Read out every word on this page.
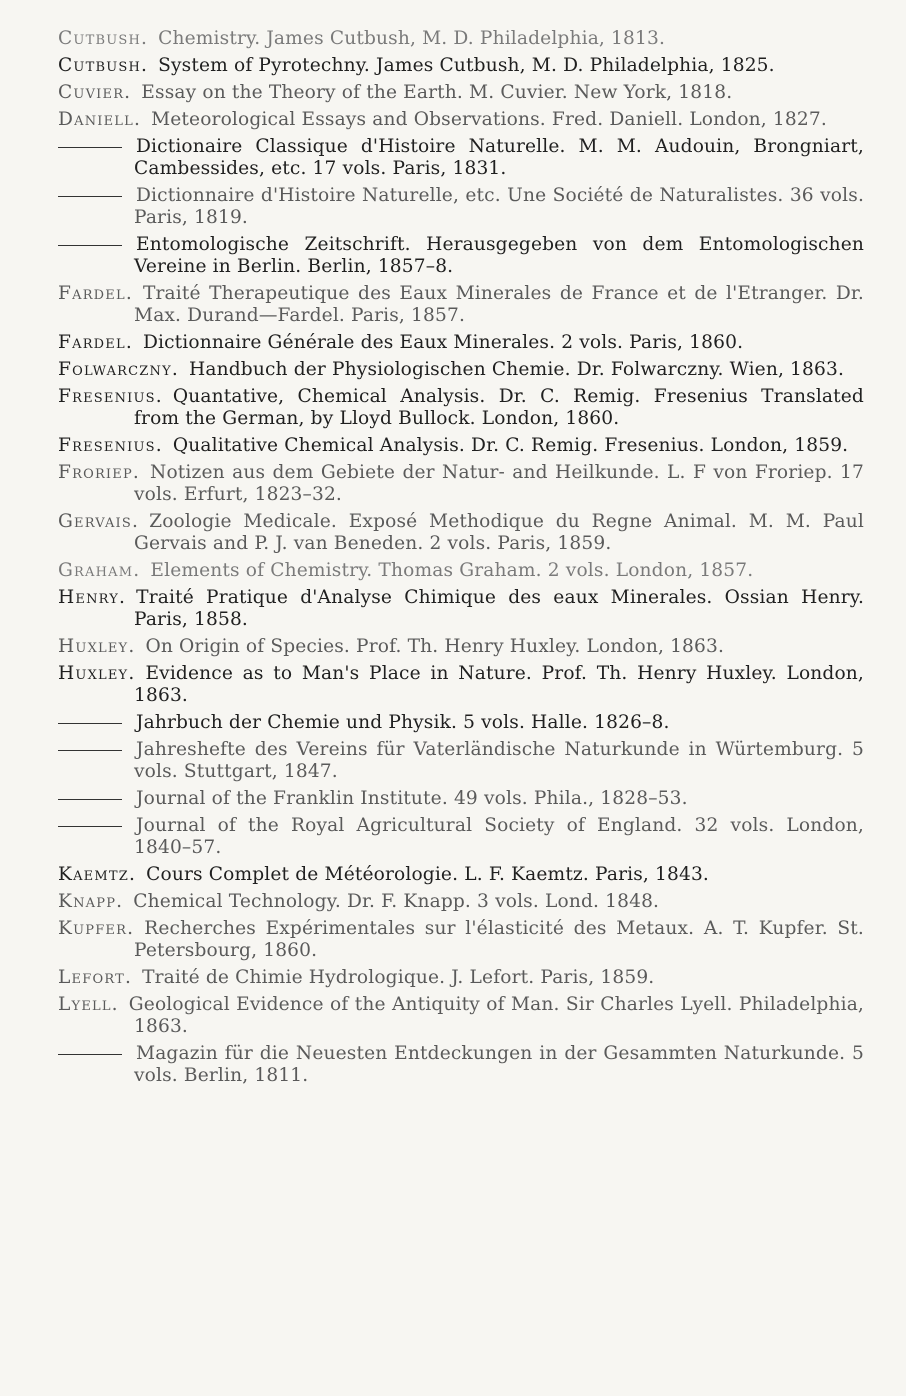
Cutbush. Chemistry. James Cutbush, M. D. Philadelphia, 1813.
Cutbush. System of Pyrotechny. James Cutbush, M. D. Philadelphia, 1825.
Cuvier. Essay on the Theory of the Earth. M. Cuvier. New York, 1818.
Daniell. Meteorological Essays and Observations. Fred. Daniell. London, 1827.
Dictionaire Classique d'Histoire Naturelle. M. M. Audouin, Brongniart, Cambessides, etc. 17 vols. Paris, 1831.
Dictionnaire d'Histoire Naturelle, etc. Une Société de Naturalistes. 36 vols. Paris, 1819.
Entomologische Zeitschrift. Herausgegeben von dem Entomologischen Vereine in Berlin. Berlin, 1857–8.
Fardel. Traité Therapeutique des Eaux Minerales de France et de l'Etranger. Dr. Max. Durand—Fardel. Paris, 1857.
Fardel. Dictionnaire Générale des Eaux Minerales. 2 vols. Paris, 1860.
Folwarczny. Handbuch der Physiologischen Chemie. Dr. Folwarczny. Wien, 1863.
Fresenius. Quantative, Chemical Analysis. Dr. C. Remig. Fresenius Translated from the German, by Lloyd Bullock. London, 1860.
Fresenius. Qualitative Chemical Analysis. Dr. C. Remig. Fresenius. London, 1859.
Froriep. Notizen aus dem Gebiete der Natur- and Heilkunde. L. F von Froriep. 17 vols. Erfurt, 1823–32.
Gervais. Zoologie Medicale. Exposé Methodique du Regne Animal. M. M. Paul Gervais and P. J. van Beneden. 2 vols. Paris, 1859.
Graham. Elements of Chemistry. Thomas Graham. 2 vols. London, 1857.
Henry. Traité Pratique d'Analyse Chimique des eaux Minerales. Ossian Henry. Paris, 1858.
Huxley. On Origin of Species. Prof. Th. Henry Huxley. London, 1863.
Huxley. Evidence as to Man's Place in Nature. Prof. Th. Henry Huxley. London, 1863.
Jahrbuch der Chemie und Physik. 5 vols. Halle. 1826–8.
Jahreshefte des Vereins für Vaterländische Naturkunde in Würtemburg. 5 vols. Stuttgart, 1847.
Journal of the Franklin Institute. 49 vols. Phila., 1828–53.
Journal of the Royal Agricultural Society of England. 32 vols. London, 1840–57.
Kaemtz. Cours Complet de Météorologie. L. F. Kaemtz. Paris, 1843.
Knapp. Chemical Technology. Dr. F. Knapp. 3 vols. Lond. 1848.
Kupfer. Recherches Expérimentales sur l'élasticité des Metaux. A. T. Kupfer. St. Petersbourg, 1860.
Lefort. Traité de Chimie Hydrologique. J. Lefort. Paris, 1859.
Lyell. Geological Evidence of the Antiquity of Man. Sir Charles Lyell. Philadelphia, 1863.
Magazin für die Neuesten Entdeckungen in der Gesammten Naturkunde. 5 vols. Berlin, 1811.
